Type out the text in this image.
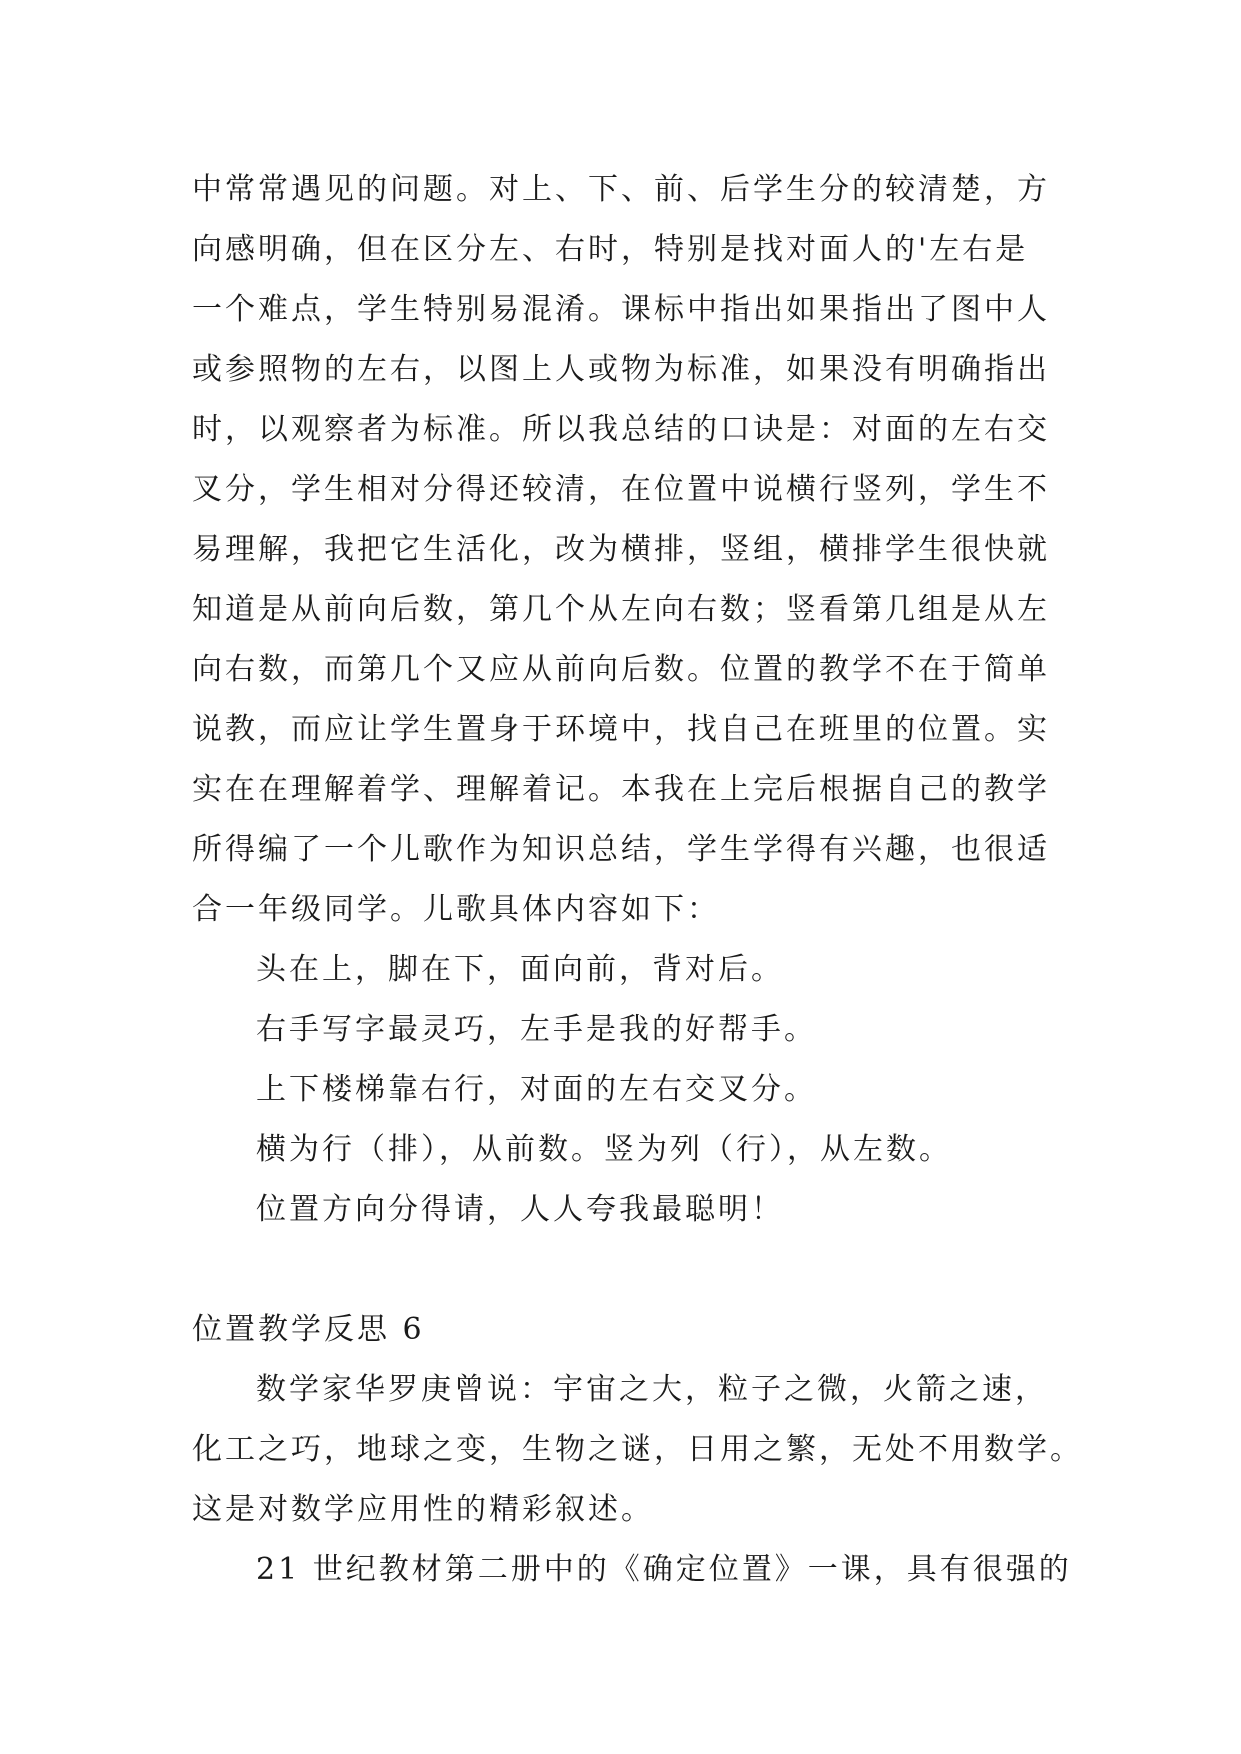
中常常遇见的问题。对上、下、前、后学生分的较清楚，方
向感明确，但在区分左、右时，特别是找对面人的'左右是
一个难点，学生特别易混淆。课标中指出如果指出了图中人
或参照物的左右，以图上人或物为标准，如果没有明确指出
时，以观察者为标准。所以我总结的口诀是：对面的左右交
叉分，学生相对分得还较清，在位置中说横行竖列，学生不
易理解，我把它生活化，改为横排，竖组，横排学生很快就
知道是从前向后数，第几个从左向右数；竖看第几组是从左
向右数，而第几个又应从前向后数。位置的教学不在于简单
说教，而应让学生置身于环境中，找自己在班里的位置。实
实在在理解着学、理解着记。本我在上完后根据自己的教学
所得编了一个儿歌作为知识总结，学生学得有兴趣，也很适
合一年级同学。儿歌具体内容如下：
头在上，脚在下，面向前，背对后。
右手写字最灵巧，左手是我的好帮手。
上下楼梯靠右行，对面的左右交叉分。
横为行（排），从前数。竖为列（行），从左数。
位置方向分得请，人人夸我最聪明！
位置教学反思 6
数学家华罗庚曾说：宇宙之大，粒子之微，火箭之速，
化工之巧，地球之变，生物之谜，日用之繁，无处不用数学。
这是对数学应用性的精彩叙述。
21 世纪教材第二册中的《确定位置》一课，具有很强的
